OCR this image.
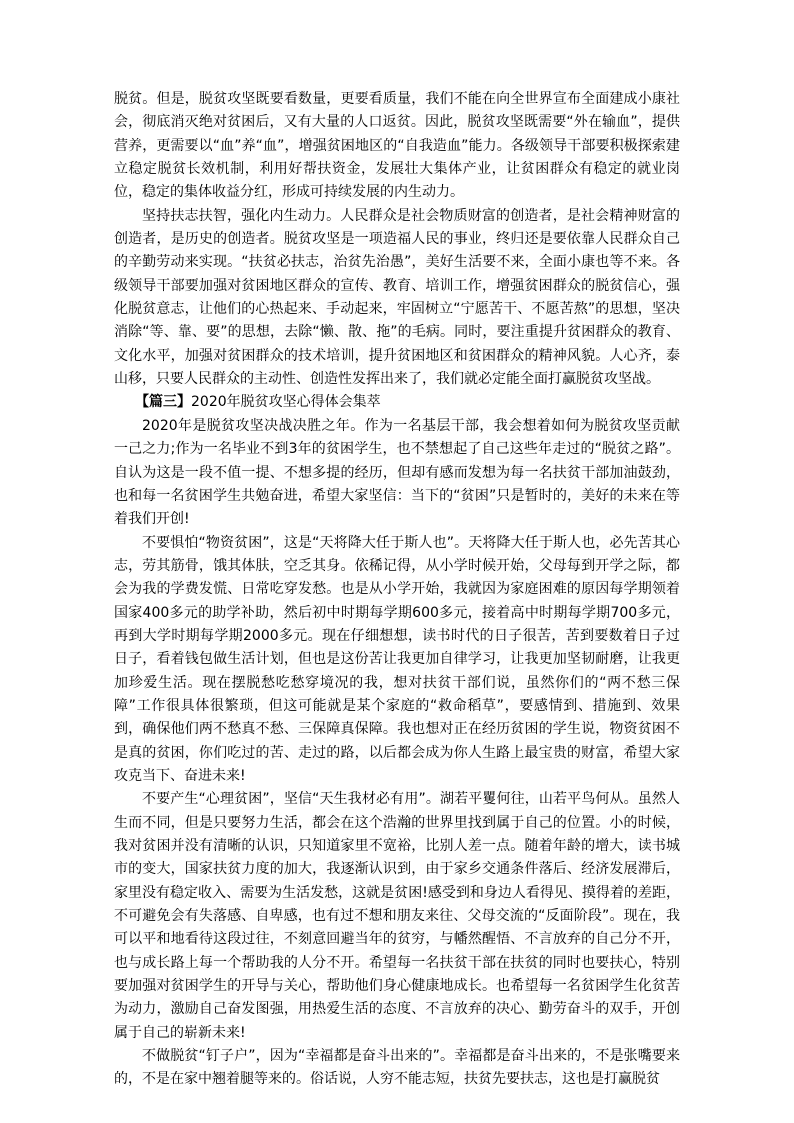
脱贫。但是，脱贫攻坚既要看数量，更要看质量，我们不能在向全世界宣布全面建成小康社会，彻底消灭绝对贫困后，又有大量的人口返贫。因此，脱贫攻坚既需要“外在输血”，提供营养，更需要以“血”养“血”，增强贫困地区的“自我造血”能力。各级领导干部要积极探索建立稳定脱贫长效机制，利用好帮扶资金，发展壮大集体产业，让贫困群众有稳定的就业岗位，稳定的集体收益分红，形成可持续发展的内生动力。

坚持扶志扶智，强化内生动力。人民群众是社会物质财富的创造者，是社会精神财富的创造者，是历史的创造者。脱贫攻坚是一项造福人民的事业，终归还是要依靠人民群众自己的辛勤劳动来实现。“扶贫必扶志，治贫先治愚”，美好生活要不来，全面小康也等不来。各级领导干部要加强对贫困地区群众的宣传、教育、培训工作，增强贫困群众的脱贫信心，强化脱贫意志，让他们的心热起来、手动起来，牢固树立“宁愿苦干、不愿苦熬”的思想，坚决消除“等、靠、要”的思想，去除“懒、散、拖”的毛病。同时，要注重提升贫困群众的教育、文化水平，加强对贫困群众的技术培训，提升贫困地区和贫困群众的精神风貌。人心齐，泰山移，只要人民群众的主动性、创造性发挥出来了，我们就必定能全面打赢脱贫攻坚战。

【篇三】2020年脱贫攻坚心得体会集萃

2020年是脱贫攻坚决战决胜之年。作为一名基层干部，我会想着如何为脱贫攻坚贡献一己之力;作为一名毕业不到3年的贫困学生，也不禁想起了自己这些年走过的“脱贫之路”。自认为这是一段不值一提、不想多提的经历，但却有感而发想为每一名扶贫干部加油鼓劲，也和每一名贫困学生共勉奋进，希望大家坚信：当下的“贫困”只是暂时的，美好的未来在等着我们开创!

不要惧怕“物资贫困”，这是“天将降大任于斯人也”。天将降大任于斯人也，必先苦其心志，劳其筋骨，饿其体肤，空乏其身。依稀记得，从小学时候开始，父母每到开学之际，都会为我的学费发慌、日常吃穿发愁。也是从小学开始，我就因为家庭困难的原因每学期领着国家400多元的助学补助，然后初中时期每学期600多元，接着高中时期每学期700多元，再到大学时期每学期2000多元。现在仔细想想，读书时代的日子很苦，苦到要数着日子过日子，看着钱包做生活计划，但也是这份苦让我更加自律学习，让我更加坚韧耐磨，让我更加珍爱生活。现在摆脱愁吃愁穿境况的我，想对扶贫干部们说，虽然你们的“两不愁三保障”工作很具体很繁琐，但这可能就是某个家庭的“救命稻草”，要感情到、措施到、效果到，确保他们两不愁真不愁、三保障真保障。我也想对正在经历贫困的学生说，物资贫困不是真的贫困，你们吃过的苦、走过的路，以后都会成为你人生路上最宝贵的财富，希望大家攻克当下、奋进未来!

不要产生“心理贫困”，坚信“天生我材必有用”。湖若平矍何往，山若平鸟何从。虽然人生而不同，但是只要努力生活，都会在这个浩瀚的世界里找到属于自己的位置。小的时候，我对贫困并没有清晰的认识，只知道家里不宽裕，比别人差一点。随着年龄的增大，读书城市的变大，国家扶贫力度的加大，我逐渐认识到，由于家乡交通条件落后、经济发展滞后，家里没有稳定收入、需要为生活发愁，这就是贫困!感受到和身边人看得见、摸得着的差距，不可避免会有失落感、自卑感，也有过不想和朋友来往、父母交流的“反面阶段”。现在，我可以平和地看待这段过往，不刻意回避当年的贫穷，与幡然醒悟、不言放弃的自己分不开，也与成长路上每一个帮助我的人分不开。希望每一名扶贫干部在扶贫的同时也要扶心，特别要加强对贫困学生的开导与关心，帮助他们身心健康地成长。也希望每一名贫困学生化贫苦为动力，激励自己奋发图强，用热爱生活的态度、不言放弃的决心、勤劳奋斗的双手，开创属于自己的崭新未来!

不做脱贫“钉子户”，因为“幸福都是奋斗出来的”。幸福都是奋斗出来的，不是张嘴要来的，不是在家中翘着腿等来的。俗话说，人穷不能志短，扶贫先要扶志，这也是打赢脱贫
